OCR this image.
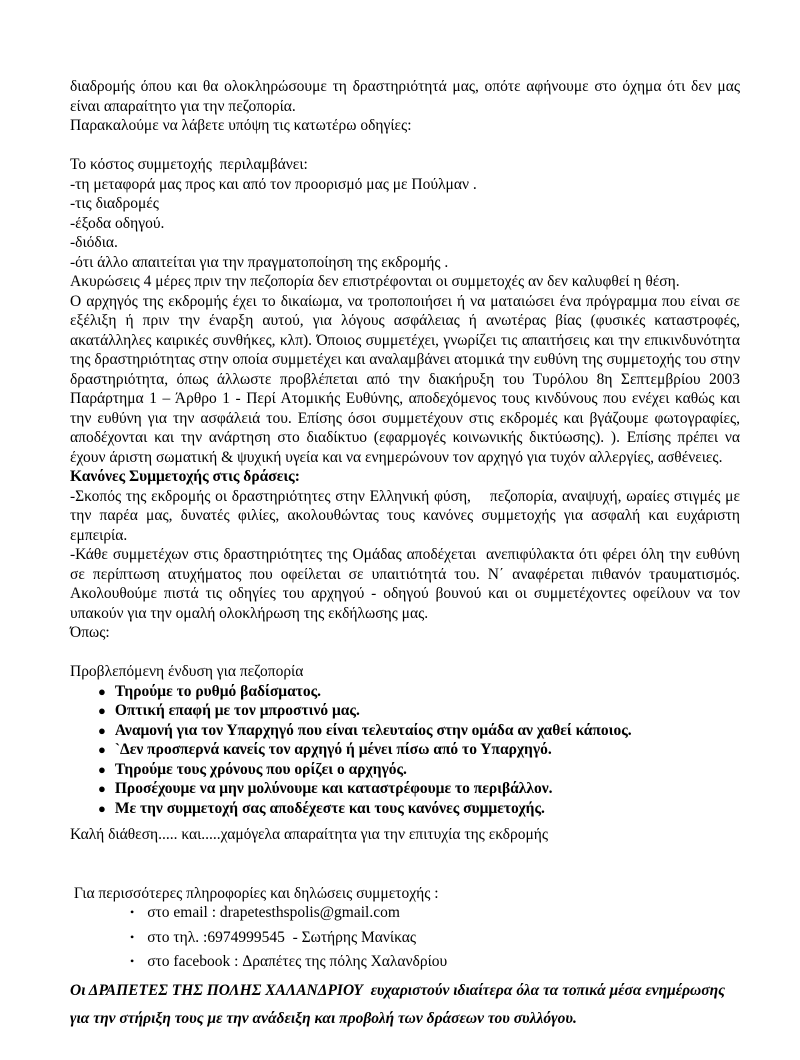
διαδρομής όπου και θα ολοκληρώσουμε τη δραστηριότητά μας, οπότε αφήνουμε στο όχημα ότι δεν μας είναι απαραίτητο για την πεζοπορία.
Παρακαλούμε να λάβετε υπόψη τις κατωτέρω οδηγίες:
Το κόστος συμμετοχής  περιλαμβάνει:
-τη μεταφορά μας προς και από τον προορισμό μας με Πούλμαν .
-τις διαδρομές
-έξοδα οδηγού.
-διόδια.
-ότι άλλο απαιτείται για την πραγματοποίηση της εκδρομής .
Ακυρώσεις 4 μέρες πριν την πεζοπορία δεν επιστρέφονται οι συμμετοχές αν δεν καλυφθεί η θέση.
Ο αρχηγός της εκδρομής έχει το δικαίωμα, να τροποποιήσει ή να ματαιώσει ένα πρόγραμμα που είναι σε εξέλιξη ή πριν την έναρξη αυτού, για λόγους ασφάλειας ή ανωτέρας βίας (φυσικές καταστροφές, ακατάλληλες καιρικές συνθήκες, κλπ). Όποιος συμμετέχει, γνωρίζει τις απαιτήσεις και την επικινδυνότητα της δραστηριότητας στην οποία συμμετέχει και αναλαμβάνει ατομικά την ευθύνη της συμμετοχής του στην δραστηριότητα, όπως άλλωστε προβλέπεται από την διακήρυξη του Τυρόλου 8η Σεπτεμβρίου 2003 Παράρτημα 1 – Άρθρο 1 - Περί Ατομικής Ευθύνης, αποδεχόμενος τους κινδύνους που ενέχει καθώς και την ευθύνη για την ασφάλειά του. Επίσης όσοι συμμετέχουν στις εκδρομές και βγάζουμε φωτογραφίες, αποδέχονται και την ανάρτηση στο διαδίκτυο (εφαρμογές κοινωνικής δικτύωσης). ). Επίσης πρέπει να έχουν άριστη σωματική & ψυχική υγεία και να ενημερώνουν τον αρχηγό για τυχόν αλλεργίες, ασθένειες.
Κανόνες Συμμετοχής στις δράσεις:
-Σκοπός της εκδρομής οι δραστηριότητες στην Ελληνική φύση,    πεζοπορία, αναψυχή, ωραίες στιγμές με την παρέα μας, δυνατές φιλίες, ακολουθώντας τους κανόνες συμμετοχής για ασφαλή και ευχάριστη εμπειρία.
-Κάθε συμμετέχων στις δραστηριότητες της Ομάδας αποδέχεται  ανεπιφύλακτα ότι φέρει όλη την ευθύνη σε περίπτωση ατυχήματος που οφείλεται σε υπαιτιότητά του. Ν΄ αναφέρεται πιθανόν τραυματισμός.  Ακολουθούμε πιστά τις οδηγίες του αρχηγού - οδηγού βουνού και οι συμμετέχοντες οφείλουν να τον υπακούν για την ομαλή ολοκλήρωση της εκδήλωσης μας.
Όπως:
Προβλεπόμενη ένδυση για πεζοπορία
● Τηρούμε το ρυθμό βαδίσματος.
● Οπτική επαφή με τον μπροστινό μας.
● Αναμονή για τον Υπαρχηγό που είναι τελευταίος στην ομάδα αν χαθεί κάποιος.
● `Δεν προσπερνά κανείς τον αρχηγό ή μένει πίσω από το Υπαρχηγό.
● Τηρούμε τους χρόνους που ορίζει ο αρχηγός.
● Προσέχουμε να μην μολύνουμε και καταστρέφουμε το περιβάλλον.
● Με την συμμετοχή σας αποδέχεστε και τους κανόνες συμμετοχής.
Καλή διάθεση..... και.....χαμόγελα απαραίτητα για την επιτυχία της εκδρομής
Για περισσότερες πληροφορίες και δηλώσεις συμμετοχής :
• στο email : drapetesthspolis@gmail.com
• στο τηλ. :6974999545  - Σωτήρης Μανίκας
• στο facebook : Δραπέτες της πόλης Χαλανδρίου
Οι ΔΡΑΠΕΤΕΣ ΤΗΣ ΠΟΛΗΣ ΧΑΛΑΝΔΡΙΟΥ  ευχαριστούν ιδιαίτερα όλα τα τοπικά μέσα ενημέρωσης για την στήριξη τους με την ανάδειξη και προβολή των δράσεων του συλλόγου.
